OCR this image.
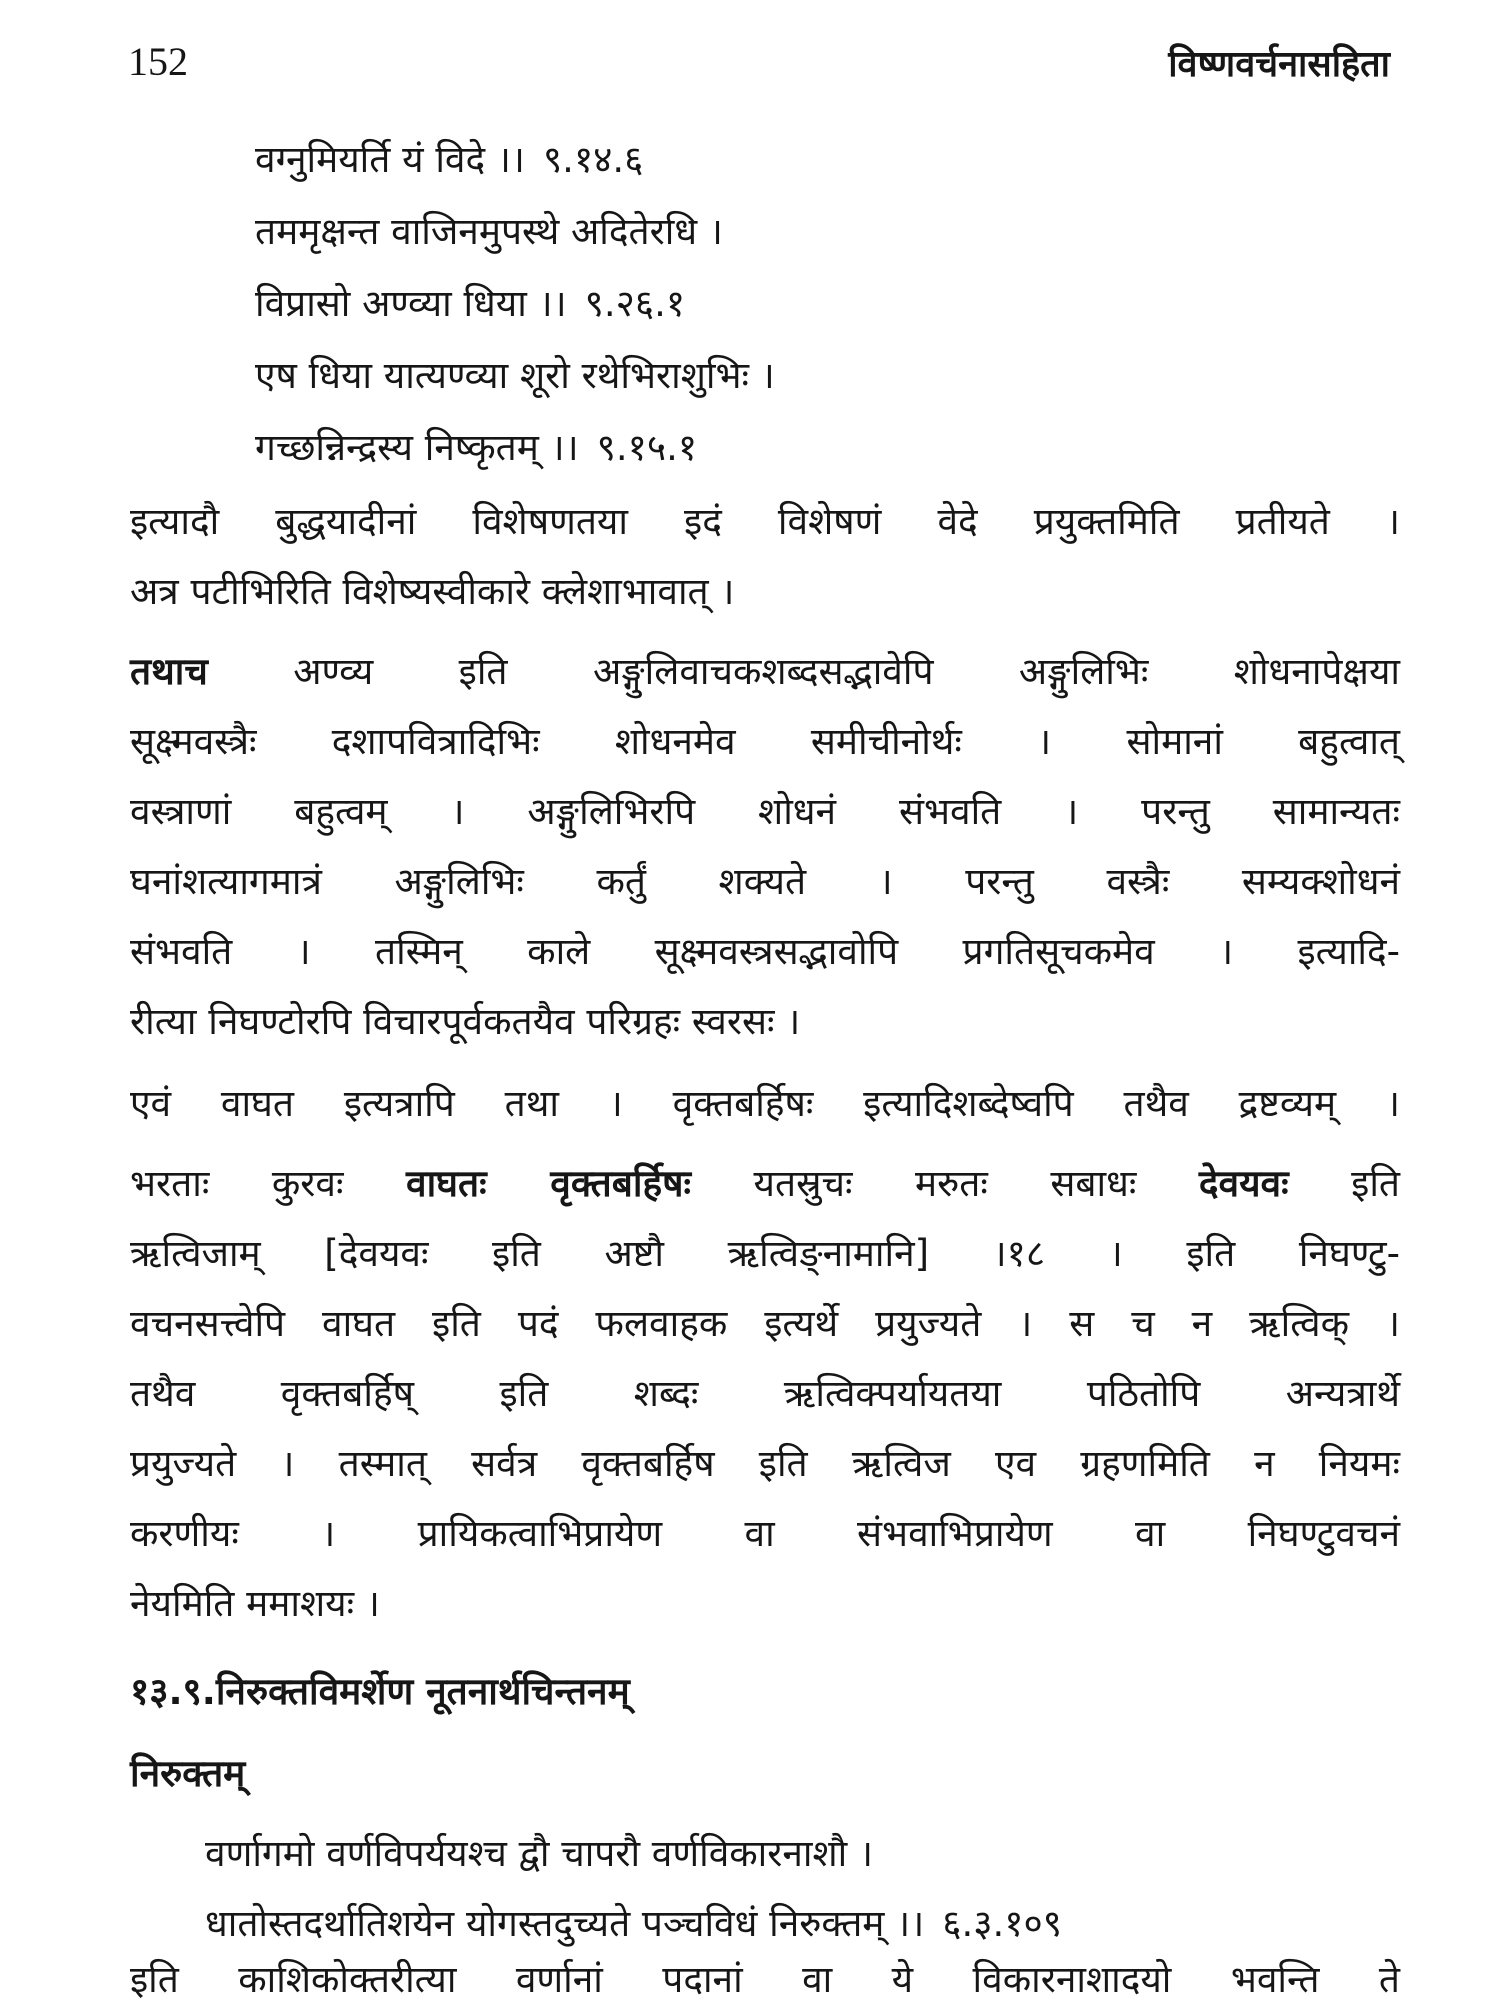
152	विष्णवर्चनासहिता
वग्नुमियर्ति यं विदे ।। ९.१४.६
तममृक्षन्त वाजिनमुपस्थे अदितेरधि ।
विप्रासो अण्व्या धिया ।। ९.२६.१
एष धिया यात्यण्व्या शूरो रथेभिराशुभिः ।
गच्छन्निन्द्रस्य निष्कृतम् ।। ९.१५.१
इत्यादौ बुद्धयादीनां विशेषणतया इदं विशेषणं वेदे प्रयुक्तमिति प्रतीयते ।
अत्र पटीभिरिति विशेष्यस्वीकारे क्लेशाभावात् ।
तथाच अण्व्य इति अङ्गुलिवाचकशब्दसद्भावेपि अङ्गुलिभिः शोधनापेक्षया
सूक्ष्मवस्त्रैः दशापवित्रादिभिः शोधनमेव समीचीनोर्थः । सोमानां बहुत्वात्
वस्त्राणां बहुत्वम् । अङ्गुलिभिरपि शोधनं संभवति । परन्तु सामान्यतः
घनांशत्यागमात्रं अङ्गुलिभिः कर्तुं शक्यते । परन्तु वस्त्रैः सम्यक्शोधनं
संभवति । तस्मिन् काले सूक्ष्मवस्त्रसद्भावोपि प्रगतिसूचकमेव । इत्यादि-
रीत्या निघण्टोरपि विचारपूर्वकतयैव परिग्रहः स्वरसः ।
एवं वाघत इत्यत्रापि तथा । वृक्तबर्हिषः इत्यादिशब्देष्वपि तथैव द्रष्टव्यम् ।
भरताः कुरवः वाघतः वृक्तबर्हिषः यतस्रुचः मरुतः सबाधः देवयवः इति
ऋत्विजाम् [देवयवः इति अष्टौ ऋत्विङ्नामानि] ।१८ । इति निघण्टु-
वचनसत्त्वेपि वाघत इति पदं फलवाहक इत्यर्थे प्रयुज्यते । स च न ऋत्विक् ।
तथैव वृक्तबर्हिष् इति शब्दः ऋत्विक्पर्यायतया पठितोपि अन्यत्रार्थे
प्रयुज्यते । तस्मात् सर्वत्र वृक्तबर्हिष इति ऋत्विज एव ग्रहणमिति न नियमः
करणीयः । प्रायिकत्वाभिप्रायेण वा संभवाभिप्रायेण वा निघण्टुवचनं
नेयमिति ममाशयः ।
१३.९.निरुक्तविमर्शेण नूतनार्थचिन्तनम्
निरुक्तम्
वर्णागमो वर्णविपर्ययश्च द्वौ चापरौ वर्णविकारनाशौ ।
धातोस्तदर्थातिशयेन योगस्तदुच्यते पञ्चविधं निरुक्तम् ।। ६.३.१०९
इति काशिकोक्तरीत्या वर्णानां पदानां वा ये विकारनाशादयो भवन्ति ते
